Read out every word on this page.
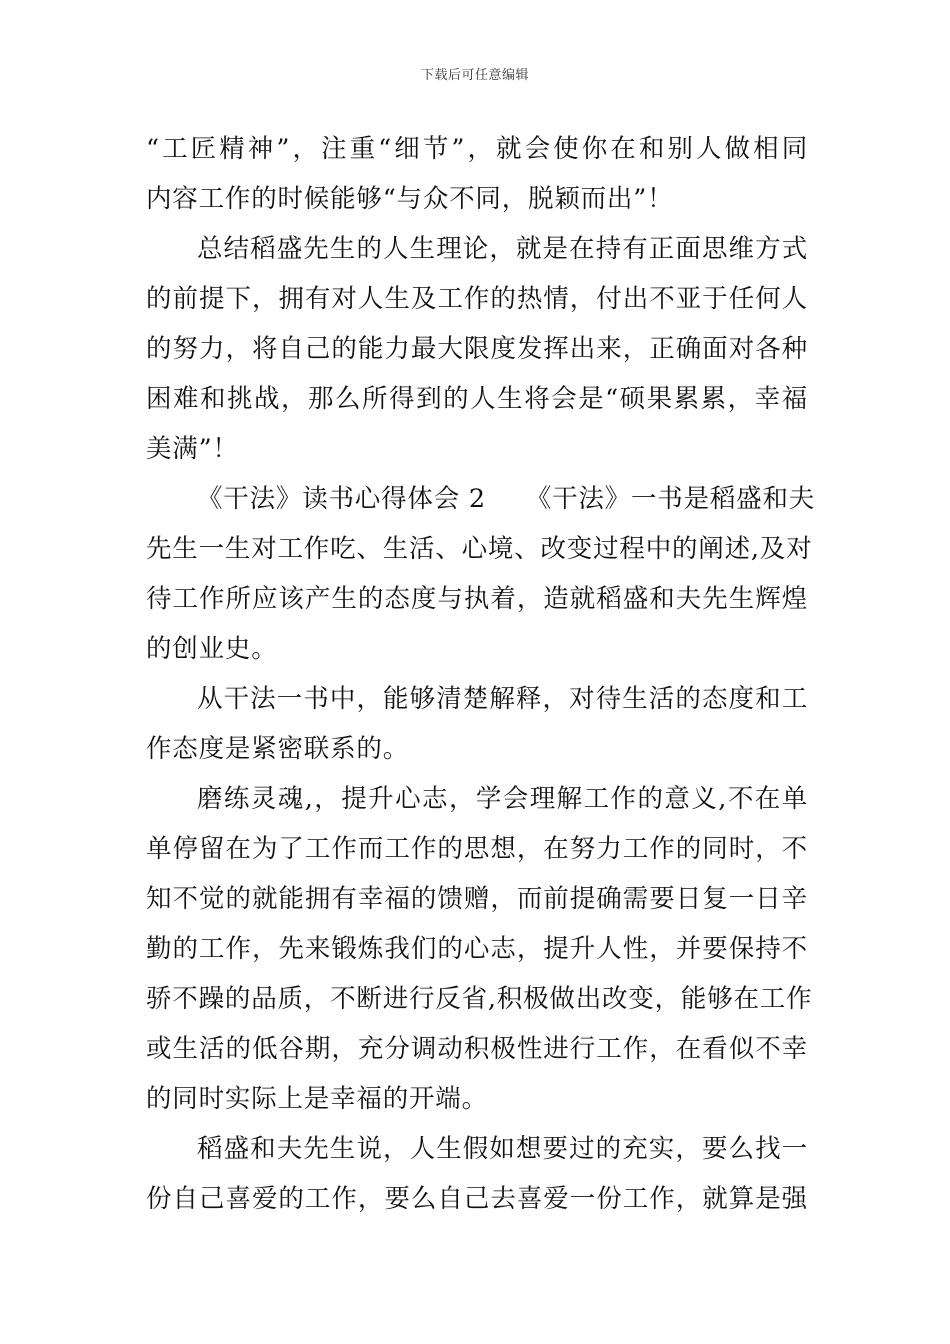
下载后可任意编辑

“工匠精神”，注重“细节”，就会使你在和别人做相同
内容工作的时候能够“与众不同，脱颖而出”！

总结稻盛先生的人生理论，就是在持有正面思维方式
的前提下，拥有对人生及工作的热情，付出不亚于任何人
的努力，将自己的能力最大限度发挥出来，正确面对各种
困难和挑战，那么所得到的人生将会是“硕果累累，幸福
美满”！

《干法》读书心得体会 2　　《干法》一书是稻盛和夫
先生一生对工作吃、生活、心境、改变过程中的阐述,及对
待工作所应该产生的态度与执着，造就稻盛和夫先生辉煌
的创业史。

从干法一书中，能够清楚解释，对待生活的态度和工
作态度是紧密联系的。

磨练灵魂,，提升心志，学会理解工作的意义,不在单
单停留在为了工作而工作的思想，在努力工作的同时，不
知不觉的就能拥有幸福的馈赠，而前提确需要日复一日辛
勤的工作，先来锻炼我们的心志，提升人性，并要保持不
骄不躁的品质，不断进行反省,积极做出改变，能够在工作
或生活的低谷期，充分调动积极性进行工作，在看似不幸
的同时实际上是幸福的开端。

稻盛和夫先生说，人生假如想要过的充实，要么找一
份自己喜爱的工作，要么自己去喜爱一份工作，就算是强
